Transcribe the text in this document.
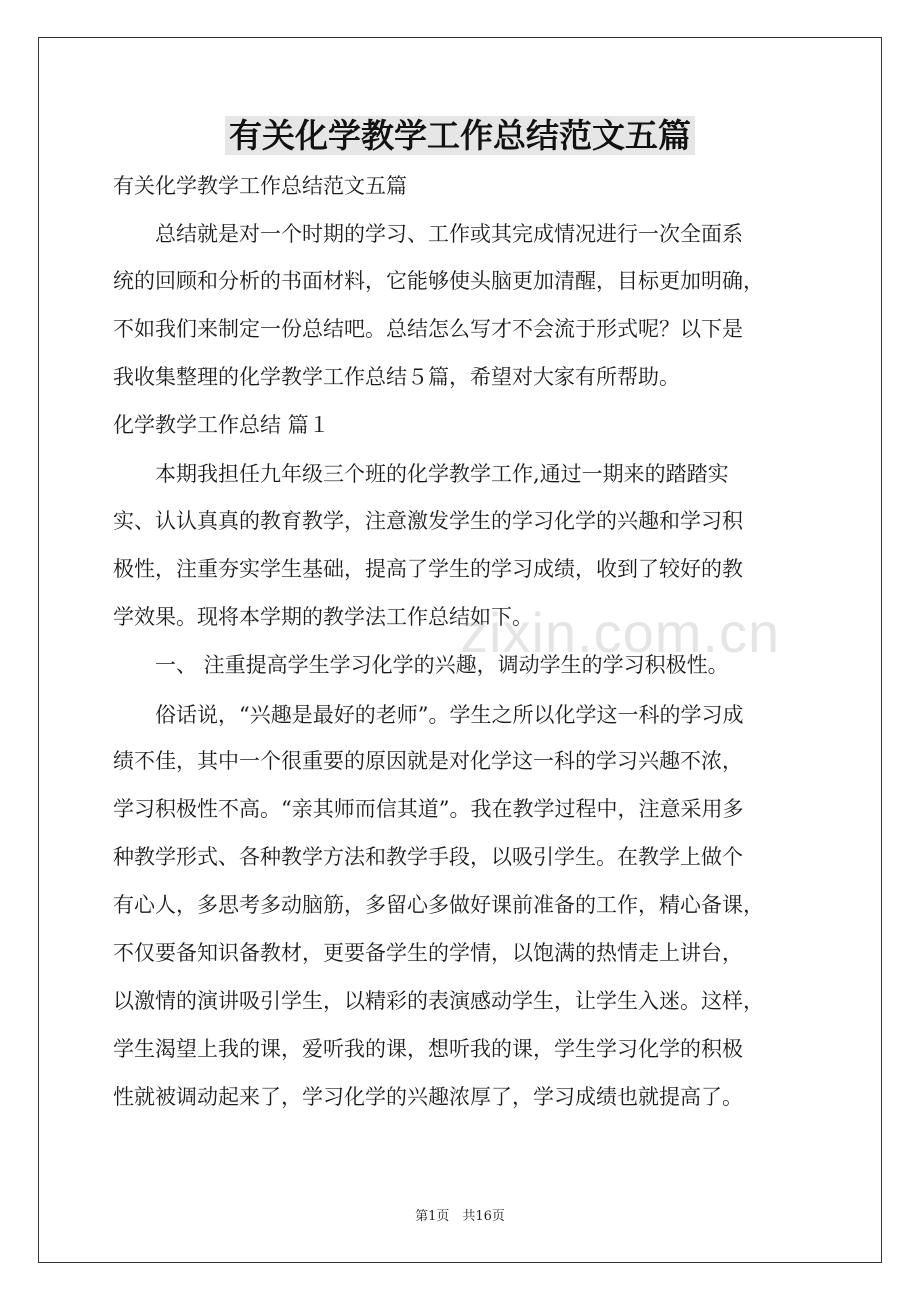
有关化学教学工作总结范文五篇
有关化学教学工作总结范文五篇
　　总结就是对一个时期的学习、工作或其完成情况进行一次全面系
统的回顾和分析的书面材料，它能够使头脑更加清醒，目标更加明确，
不如我们来制定一份总结吧。总结怎么写才不会流于形式呢？以下是
我收集整理的化学教学工作总结５篇，希望对大家有所帮助。
化学教学工作总结 篇１
　　本期我担任九年级三个班的化学教学工作,通过一期来的踏踏实
实、认认真真的教育教学，注意激发学生的学习化学的兴趣和学习积
极性，注重夯实学生基础，提高了学生的学习成绩，收到了较好的教
学效果。现将本学期的教学法工作总结如下。
　　一、 注重提高学生学习化学的兴趣，调动学生的学习积极性。
　　俗话说，“兴趣是最好的老师”。学生之所以化学这一科的学习成
绩不佳，其中一个很重要的原因就是对化学这一科的学习兴趣不浓，
学习积极性不高。“亲其师而信其道”。我在教学过程中，注意采用多
种教学形式、各种教学方法和教学手段，以吸引学生。在教学上做个
有心人，多思考多动脑筋，多留心多做好课前准备的工作，精心备课，
不仅要备知识备教材，更要备学生的学情，以饱满的热情走上讲台，
以激情的演讲吸引学生，以精彩的表演感动学生，让学生入迷。这样，
学生渴望上我的课，爱听我的课，想听我的课，学生学习化学的积极
性就被调动起来了，学习化学的兴趣浓厚了，学习成绩也就提高了。
zixin.com.cn
第1页　共16页
